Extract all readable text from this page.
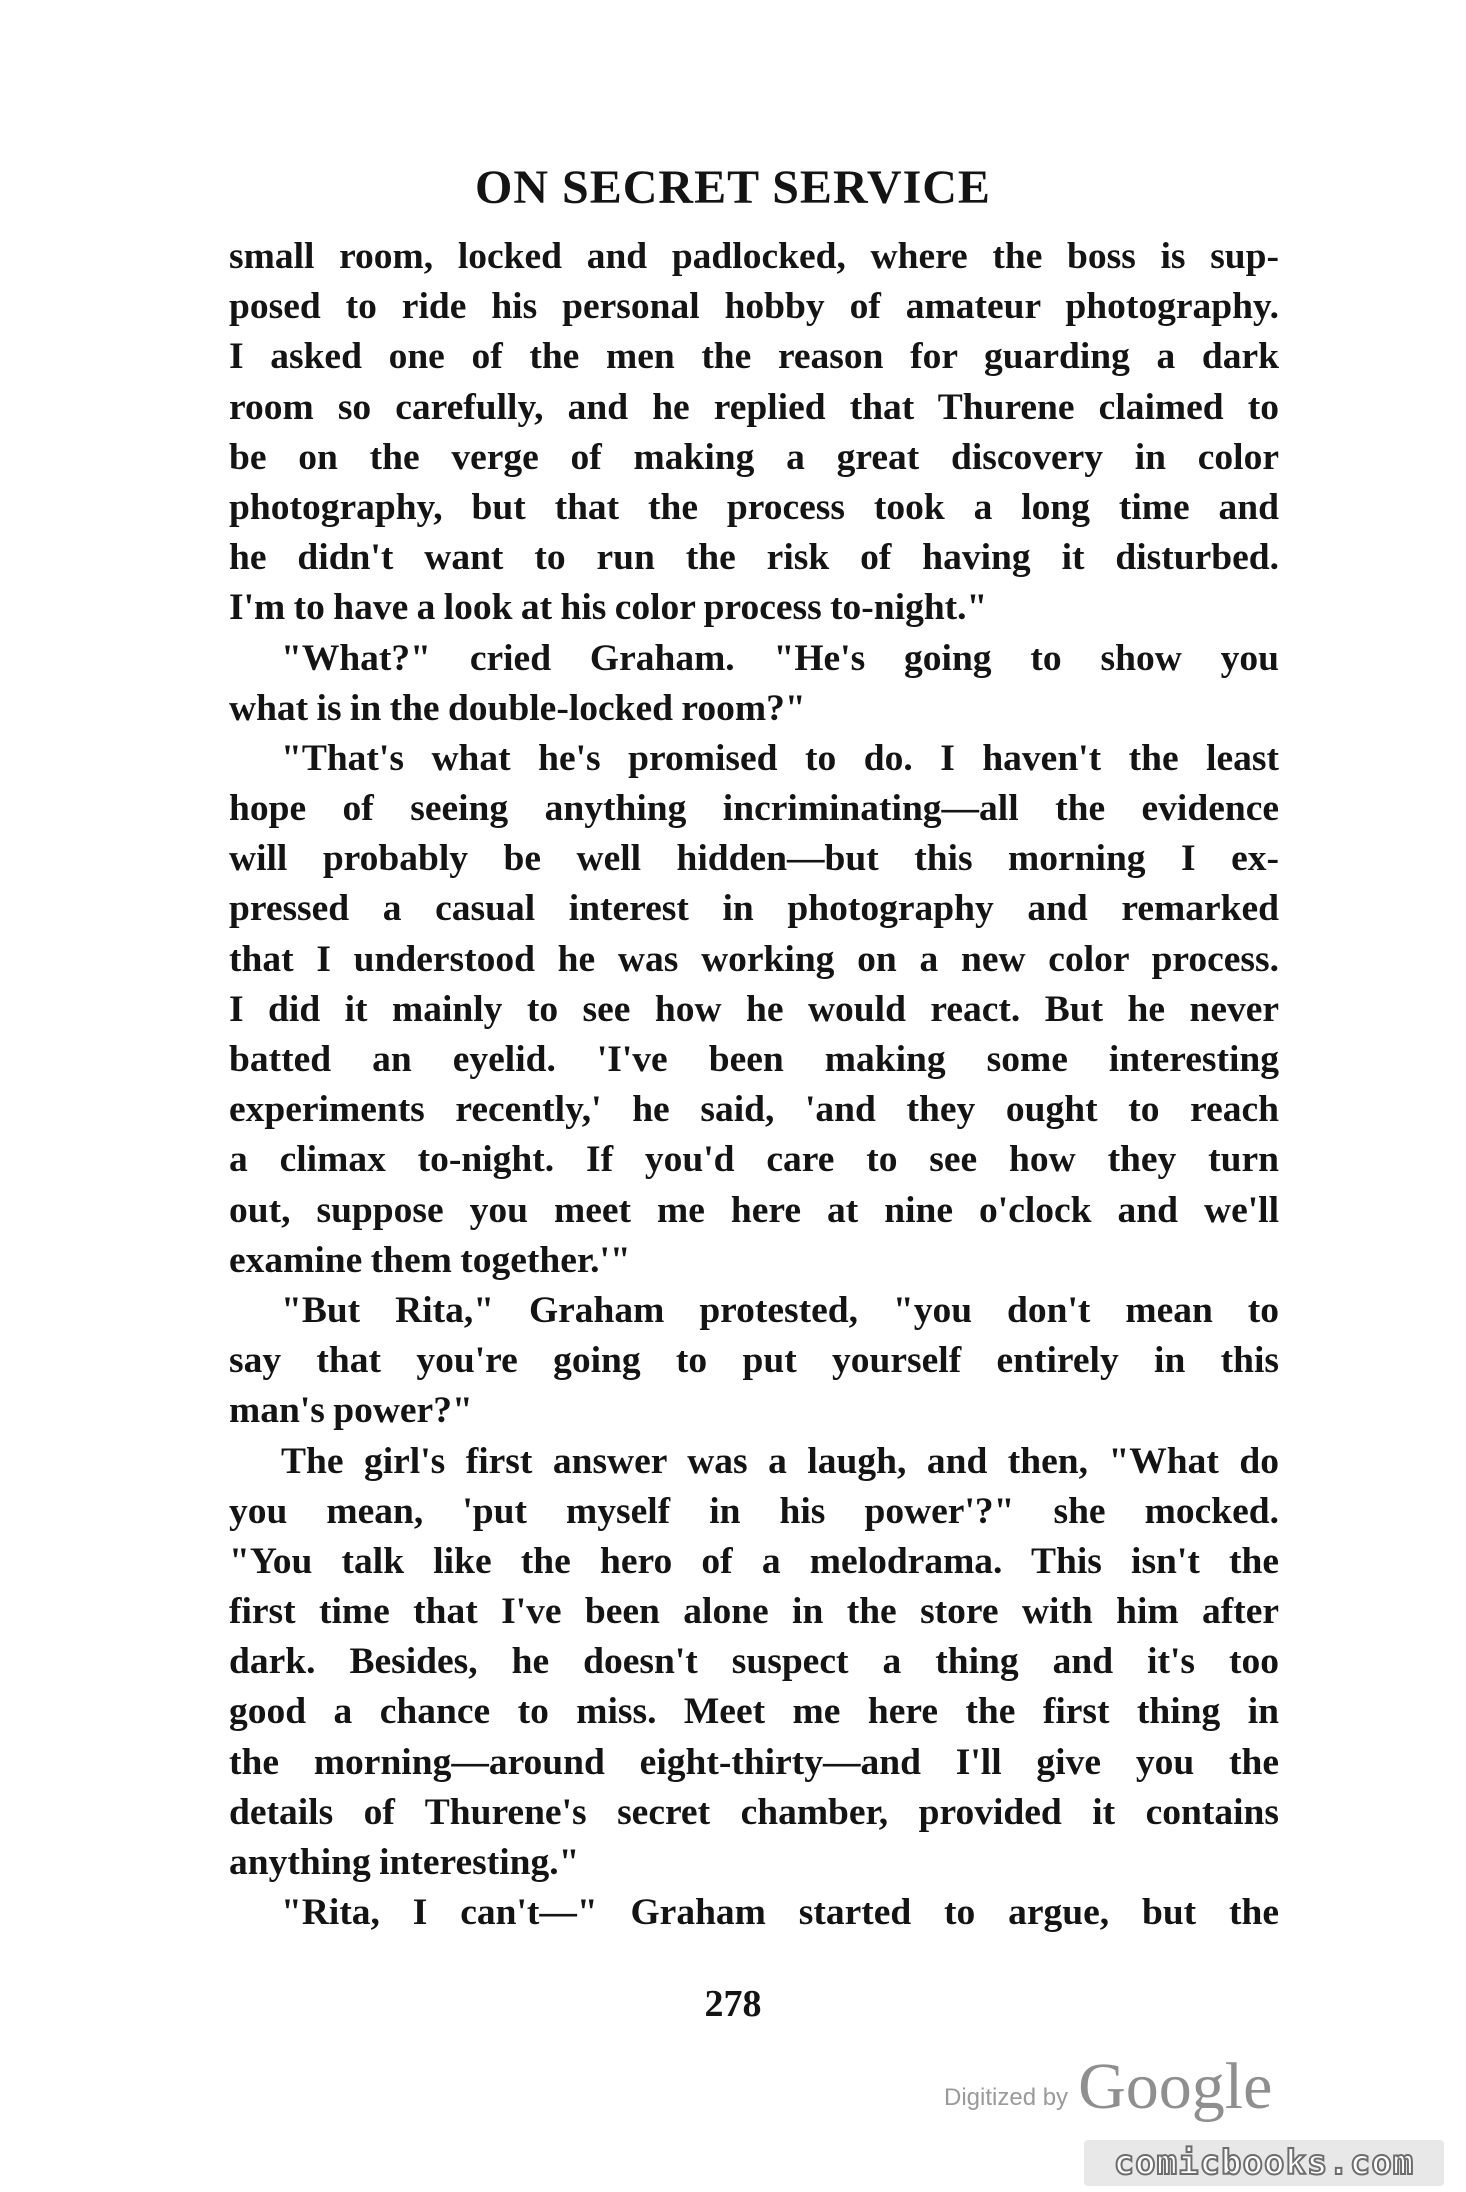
ON SECRET SERVICE
small room, locked and padlocked, where the boss is sup-
posed to ride his personal hobby of amateur photography.
I asked one of the men the reason for guarding a dark
room so carefully, and he replied that Thurene claimed to
be on the verge of making a great discovery in color
photography, but that the process took a long time and
he didn't want to run the risk of having it disturbed.
I'm to have a look at his color process to-night."
"What?" cried Graham. "He's going to show you
what is in the double-locked room?"
"That's what he's promised to do. I haven't the least
hope of seeing anything incriminating—all the evidence
will probably be well hidden—but this morning I ex-
pressed a casual interest in photography and remarked
that I understood he was working on a new color process.
I did it mainly to see how he would react. But he never
batted an eyelid. 'I've been making some interesting
experiments recently,' he said, 'and they ought to reach
a climax to-night. If you'd care to see how they turn
out, suppose you meet me here at nine o'clock and we'll
examine them together.'"
"But Rita," Graham protested, "you don't mean to
say that you're going to put yourself entirely in this
man's power?"
The girl's first answer was a laugh, and then, "What do
you mean, 'put myself in his power'?" she mocked.
"You talk like the hero of a melodrama. This isn't the
first time that I've been alone in the store with him after
dark. Besides, he doesn't suspect a thing and it's too
good a chance to miss. Meet me here the first thing in
the morning—around eight-thirty—and I'll give you the
details of Thurene's secret chamber, provided it contains
anything interesting."
"Rita, I can't—" Graham started to argue, but the
278
Digitized by Google
comicbooks.com
